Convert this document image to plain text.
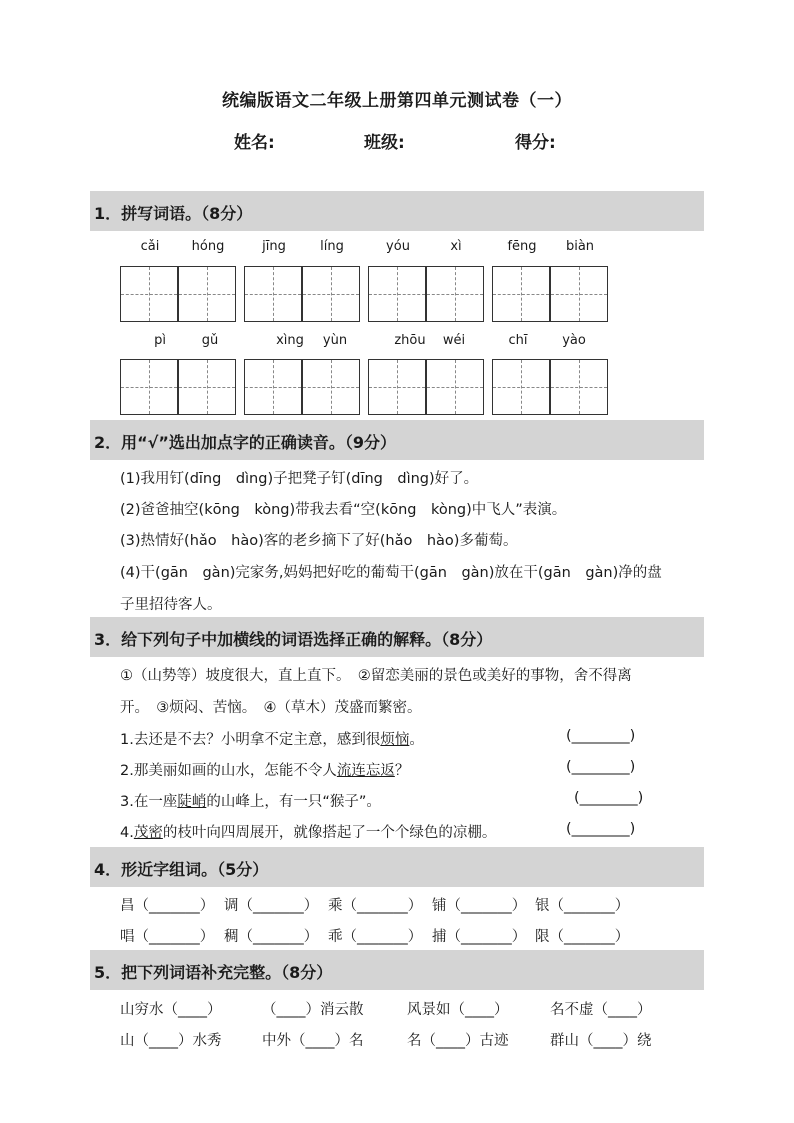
统编版语文二年级上册第四单元测试卷（一）
姓名:	班级:	得分:
1．拼写词语。（8分）
cǎi	hóng	jīng	líng	yóu	xì	fēng	biàn
pì	gǔ	xìng	yùn	zhōu	wéi	chī	yào
2．用“√”选出加点字的正确读音。（9分）
(1)我用钉(dīng　dìng)子把凳子钉(dīng　dìng)好了。
(2)爸爸抽空(kōng　kòng)带我去看“空(kōng　kòng)中飞人”表演。
(3)热情好(hǎo　hào)客的老乡摘下了好(hǎo　hào)多葡萄。
(4)干(gān　gàn)完家务,妈妈把好吃的葡萄干(gān　gàn)放在干(gān　gàn)净的盘
子里招待客人。
3．给下列句子中加横线的词语选择正确的解释。（8分）
①（山势等）坡度很大，直上直下。　②留恋美丽的景色或美好的事物，舍不得离
开。　③烦闷、苦恼。　④（草木）茂盛而繁密。
1.去还是不去？小明拿不定主意，感到很烦恼。	(________)
2.那美丽如画的山水，怎能不令人流连忘返？	(________)
3.在一座陡峭的山峰上，有一只“猴子”。	(________)
4.茂密的枝叶向四周展开，就像搭起了一个个绿色的凉棚。	(________)
4．形近字组词。（5分）
昌（_______） 调（_______） 乘（_______） 铺（_______） 银（_______）
唱（_______） 稠（_______） 乖（_______） 捕（_______） 限（_______）
5．把下列词语补充完整。（8分）
山穷水（____）	（____）消云散	风景如（____）	名不虚（____）
山（____）水秀	中外（____）名	名（____）古迹	群山（____）绕
